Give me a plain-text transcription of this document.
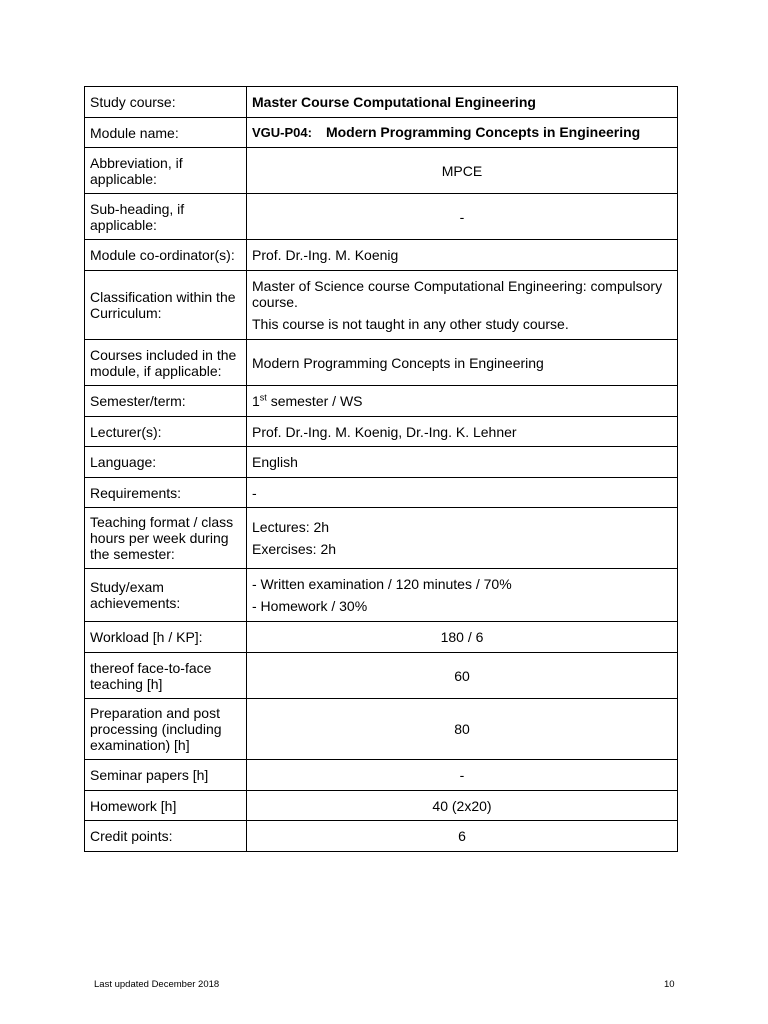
Study course:	Master Course Computational Engineering
Module name:	VGU-P04: Modern Programming Concepts in Engineering
Abbreviation, if applicable:	MPCE
Sub-heading, if applicable:	-
Module co-ordinator(s):	Prof. Dr.-Ing. M. Koenig
Classification within the Curriculum:	Master of Science course Computational Engineering: compulsory course.
This course is not taught in any other study course.

Courses included in the module, if applicable:	Modern Programming Concepts in Engineering
Semester/term:	1st semester / WS
Lecturer(s):	Prof. Dr.-Ing. M. Koenig, Dr.-Ing. K. Lehner
Language:	English
Requirements:	-
Teaching format / class hours per week during the semester:	Lectures: 2h
Exercises: 2h

Study/exam achievements:	- Written examination / 120 minutes / 70%
- Homework / 30%

Workload [h / KP]:	180 / 6
thereof face-to-face teaching [h]	60
Preparation and post processing (including examination) [h]	80
Seminar papers [h]	-
Homework [h]	40 (2x20)
Credit points:	6
Last updated December 2018	10
